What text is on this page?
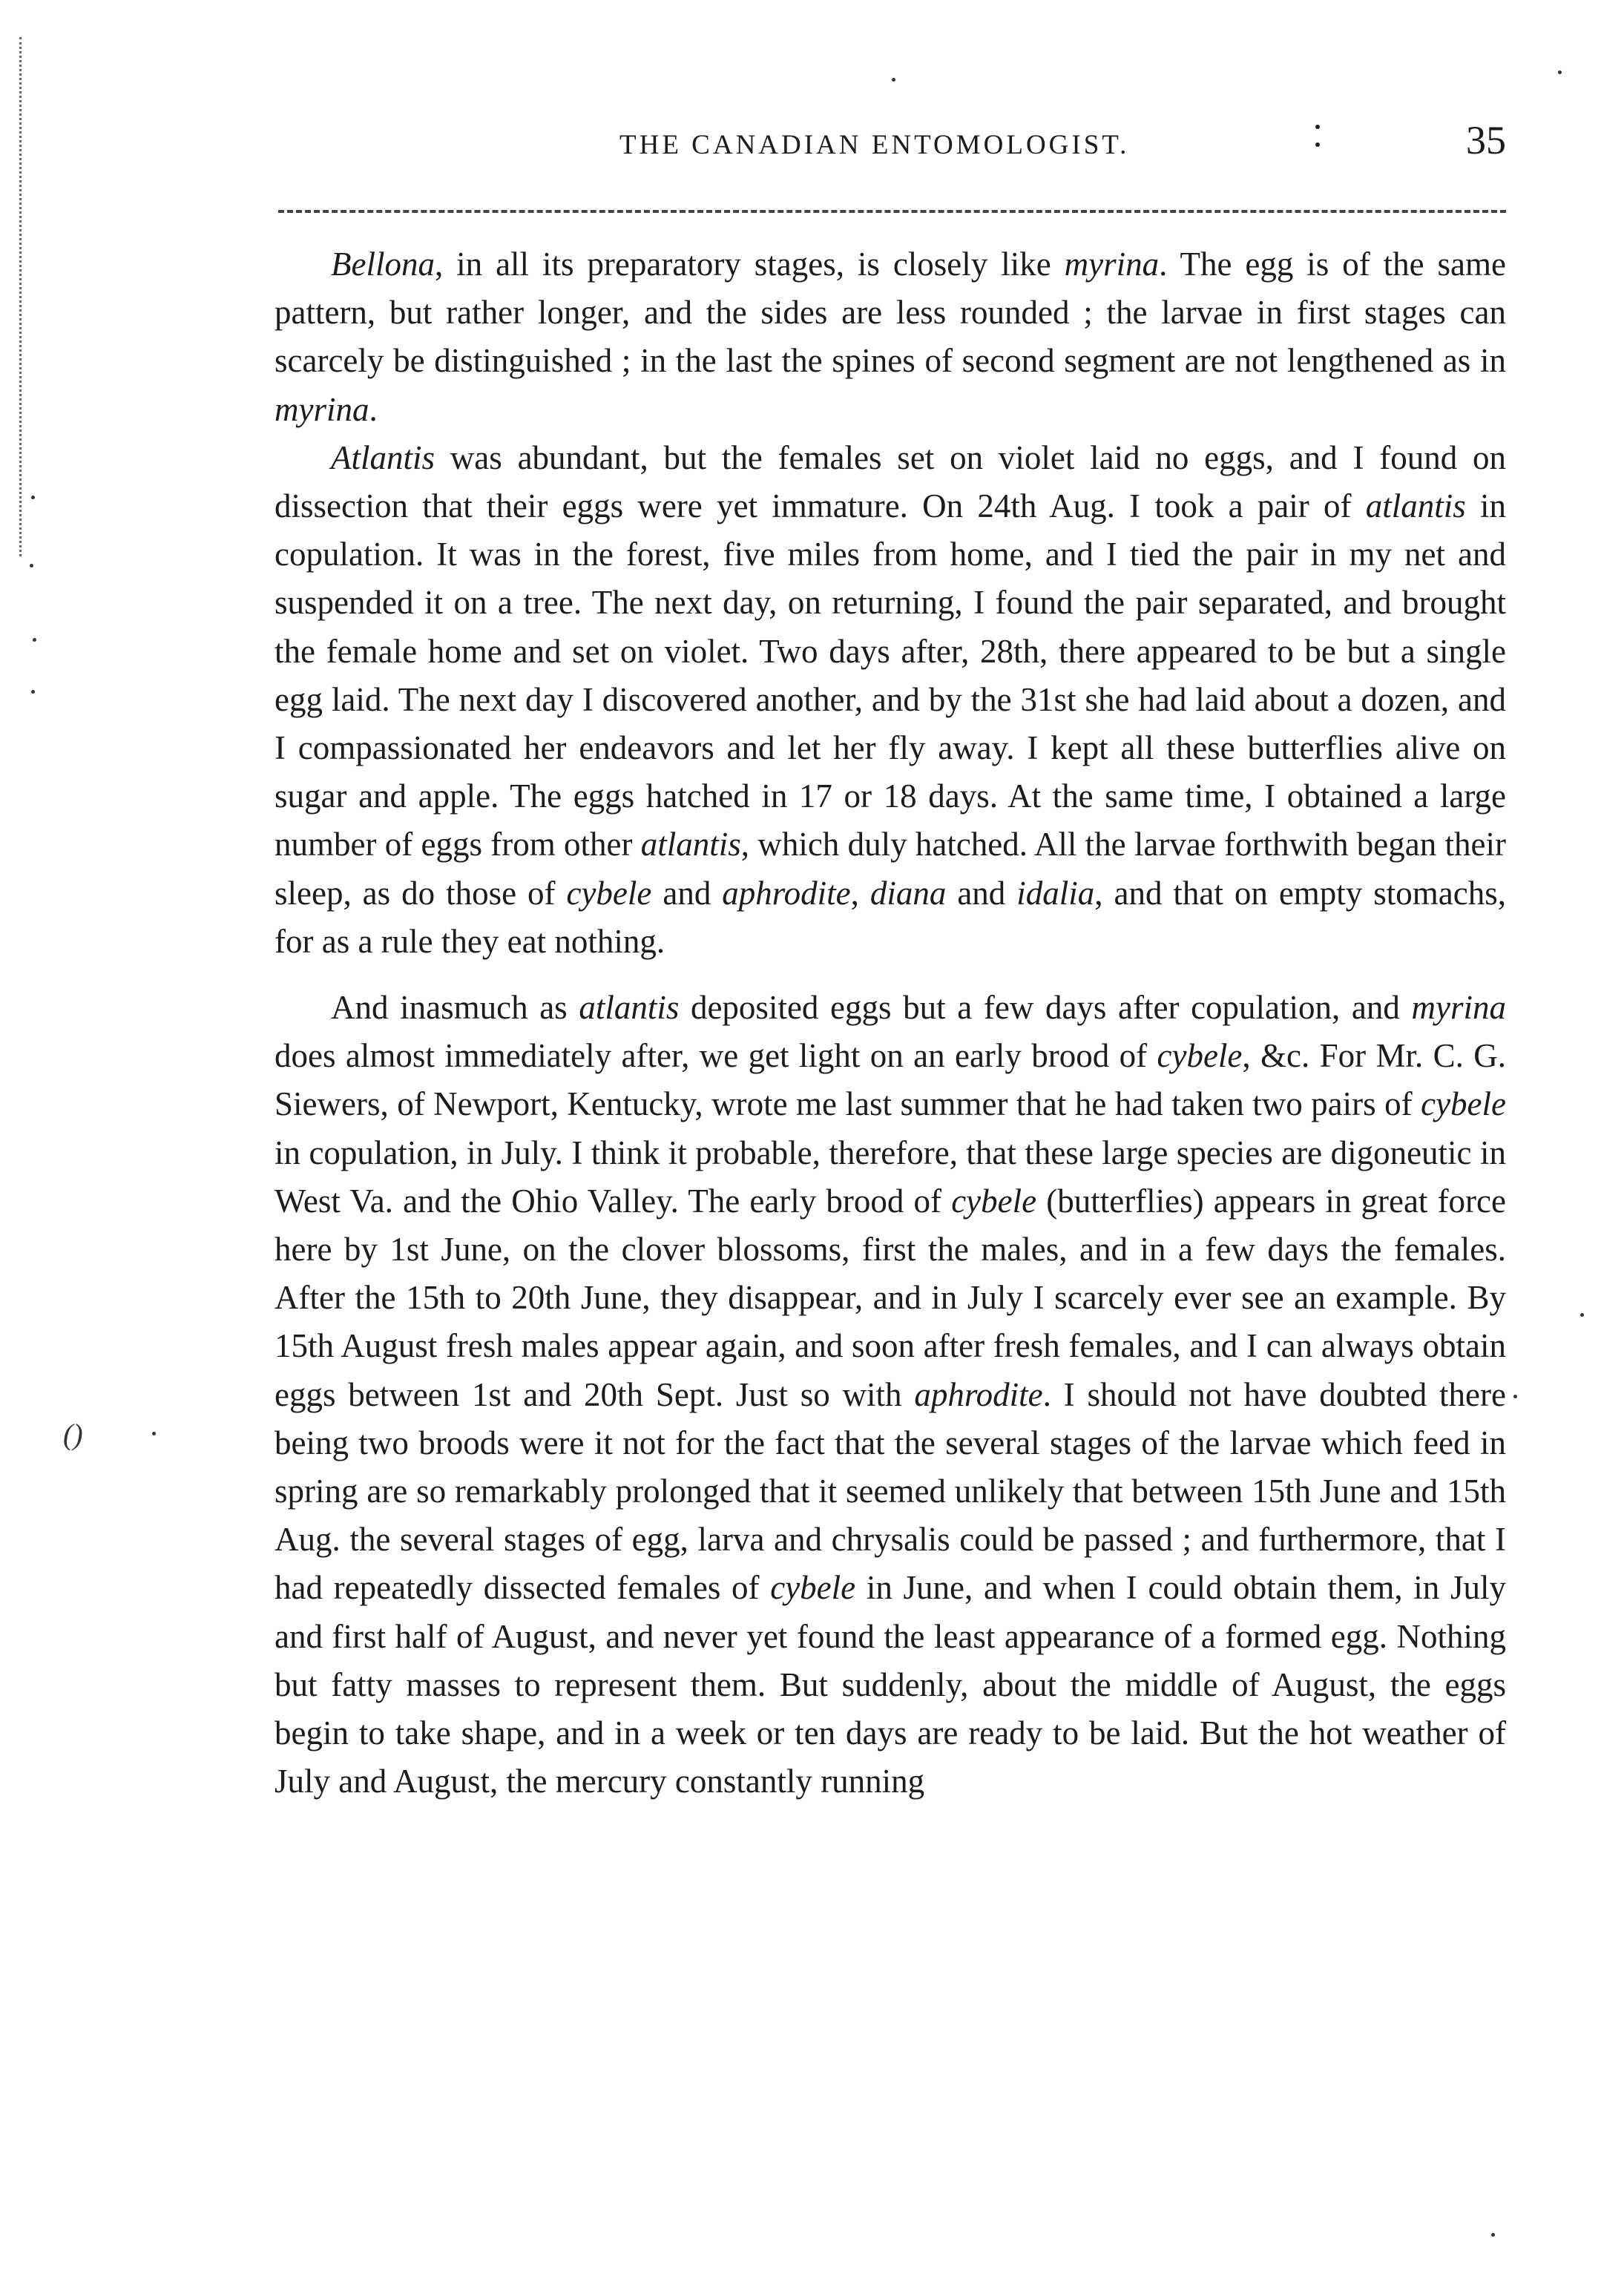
()
THE CANADIAN ENTOMOLOGIST.	35

Bellona, in all its preparatory stages, is closely like myrina. The egg is of the same pattern, but rather longer, and the sides are less rounded ; the larvae in first stages can scarcely be distinguished ; in the last the spines of second segment are not lengthened as in myrina.

Atlantis was abundant, but the females set on violet laid no eggs, and I found on dissection that their eggs were yet immature. On 24th Aug. I took a pair of atlantis in copulation. It was in the forest, five miles from home, and I tied the pair in my net and suspended it on a tree. The next day, on returning, I found the pair separated, and brought the female home and set on violet. Two days after, 28th, there appeared to be but a single egg laid. The next day I discovered another, and by the 31st she had laid about a dozen, and I compassionated her endeavors and let her fly away. I kept all these butterflies alive on sugar and apple. The eggs hatched in 17 or 18 days. At the same time, I obtained a large number of eggs from other atlantis, which duly hatched. All the larvae forthwith began their sleep, as do those of cybele and aphrodite, diana and idalia, and that on empty stomachs, for as a rule they eat nothing.

And inasmuch as atlantis deposited eggs but a few days after copulation, and myrina does almost immediately after, we get light on an early brood of cybele, &c. For Mr. C. G. Siewers, of Newport, Kentucky, wrote me last summer that he had taken two pairs of cybele in copulation, in July. I think it probable, therefore, that these large species are digoneutic in West Va. and the Ohio Valley. The early brood of cybele (butterflies) appears in great force here by 1st June, on the clover blossoms, first the males, and in a few days the females. After the 15th to 20th June, they disappear, and in July I scarcely ever see an example. By 15th August fresh males appear again, and soon after fresh females, and I can always obtain eggs between 1st and 20th Sept. Just so with aphrodite. I should not have doubted there being two broods were it not for the fact that the several stages of the larvae which feed in spring are so remarkably prolonged that it seemed unlikely that between 15th June and 15th Aug. the several stages of egg, larva and chrysalis could be passed ; and furthermore, that I had repeatedly dissected females of cybele in June, and when I could obtain them, in July and first half of August, and never yet found the least appearance of a formed egg. Nothing but fatty masses to represent them. But suddenly, about the middle of August, the eggs begin to take shape, and in a week or ten days are ready to be laid. But the hot weather of July and August, the mercury constantly running
